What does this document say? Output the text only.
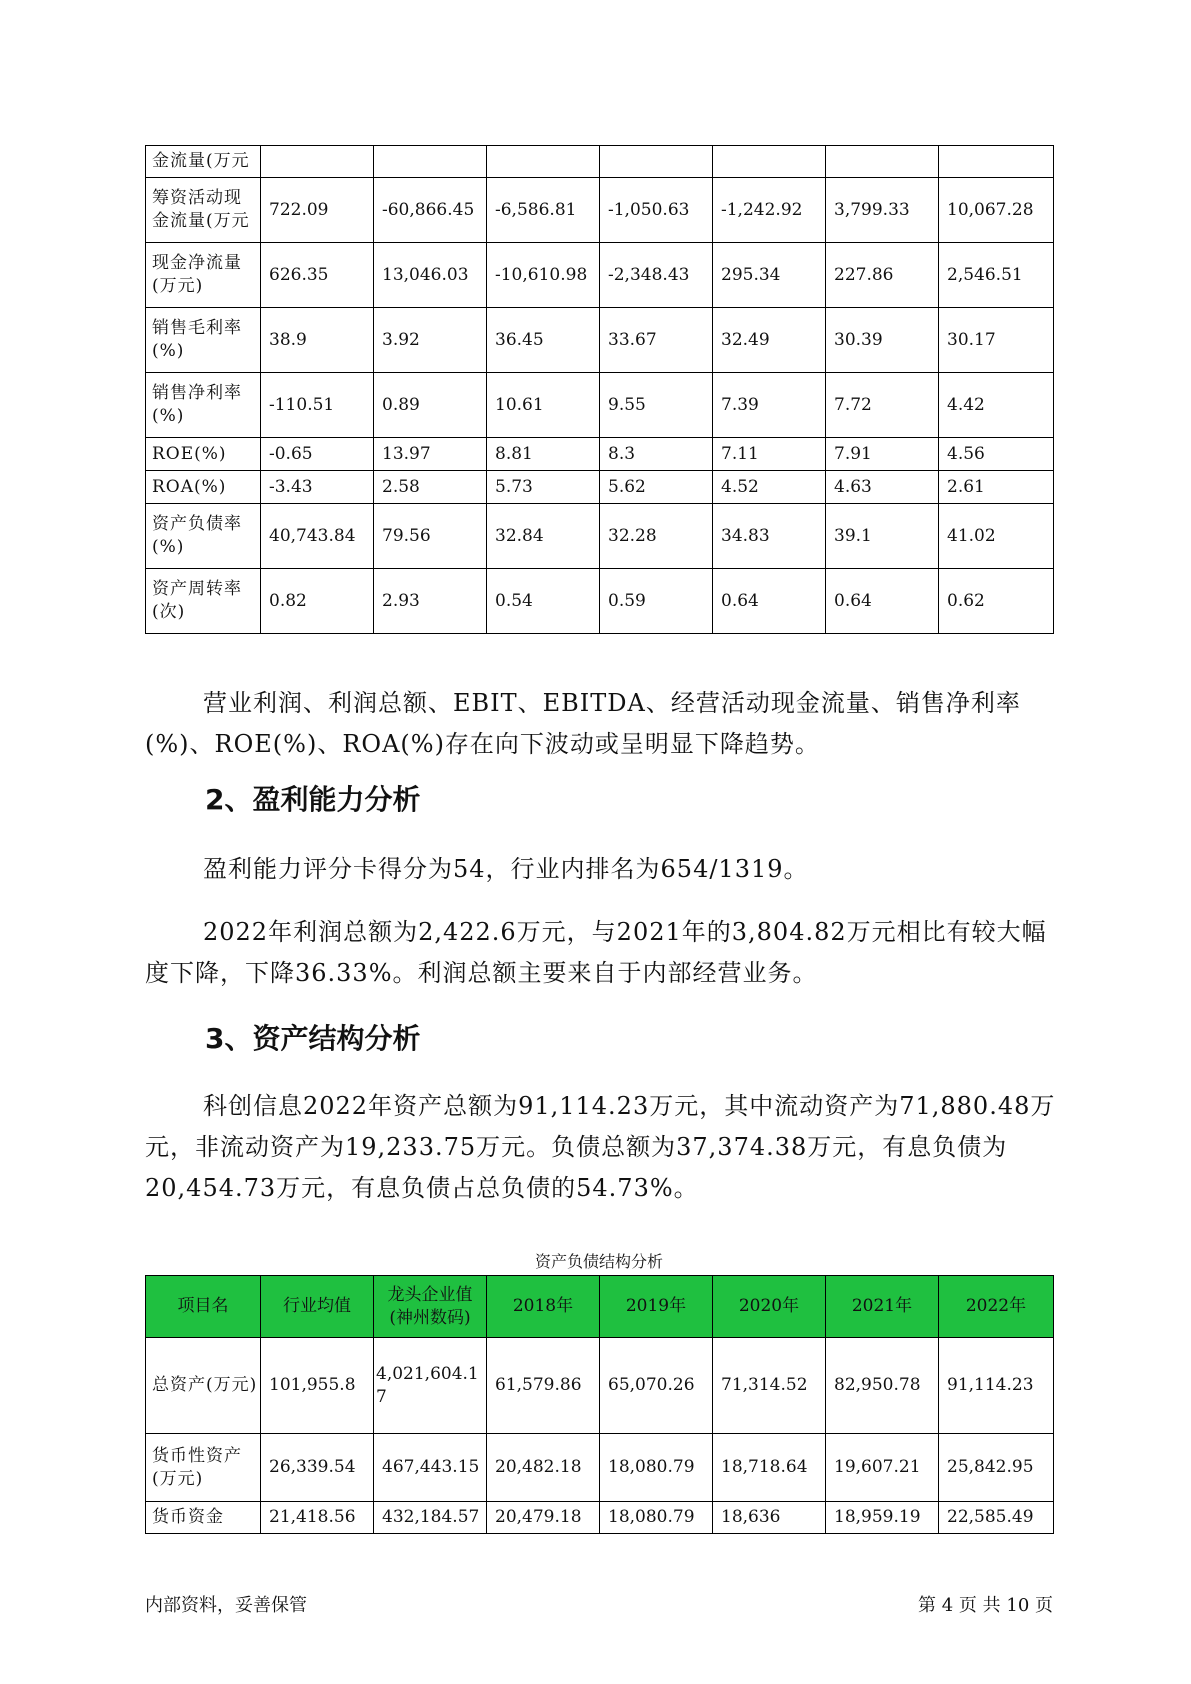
金流量(万元							
筹资活动现金流量(万元	722.09	-60,866.45	-6,586.81	-1,050.63	-1,242.92	3,799.33	10,067.28
现金净流量(万元)	626.35	13,046.03	-10,610.98	-2,348.43	295.34	227.86	2,546.51
销售毛利率(%)	38.9	3.92	36.45	33.67	32.49	30.39	30.17
销售净利率(%)	-110.51	0.89	10.61	9.55	7.39	7.72	4.42
ROE(%)	-0.65	13.97	8.81	8.3	7.11	7.91	4.56
ROA(%)	-3.43	2.58	5.73	5.62	4.52	4.63	2.61
资产负债率(%)	40,743.84	79.56	32.84	32.28	34.83	39.1	41.02
资产周转率(次)	0.82	2.93	0.54	0.59	0.64	0.64	0.62

营业利润、利润总额、EBIT、EBITDA、经营活动现金流量、销售净利率(%)、ROE(%)、ROA(%)存在向下波动或呈明显下降趋势。

2、盈利能力分析

盈利能力评分卡得分为54，行业内排名为654/1319。

2022年利润总额为2,422.6万元，与2021年的3,804.82万元相比有较大幅度下降，下降36.33%。利润总额主要来自于内部经营业务。

3、资产结构分析

科创信息2022年资产总额为91,114.23万元，其中流动资产为71,880.48万元，非流动资产为19,233.75万元。负债总额为37,374.38万元，有息负债为20,454.73万元，有息负债占总负债的54.73%。

资产负债结构分析
项目名	行业均值	龙头企业值(神州数码)	2018年	2019年	2020年	2021年	2022年
总资产(万元)	101,955.8	4,021,604.17	61,579.86	65,070.26	71,314.52	82,950.78	91,114.23
货币性资产(万元)	26,339.54	467,443.15	20,482.18	18,080.79	18,718.64	19,607.21	25,842.95
货币资金	21,418.56	432,184.57	20,479.18	18,080.79	18,636	18,959.19	22,585.49
内部资料，妥善保管	第 4 页 共 10 页
